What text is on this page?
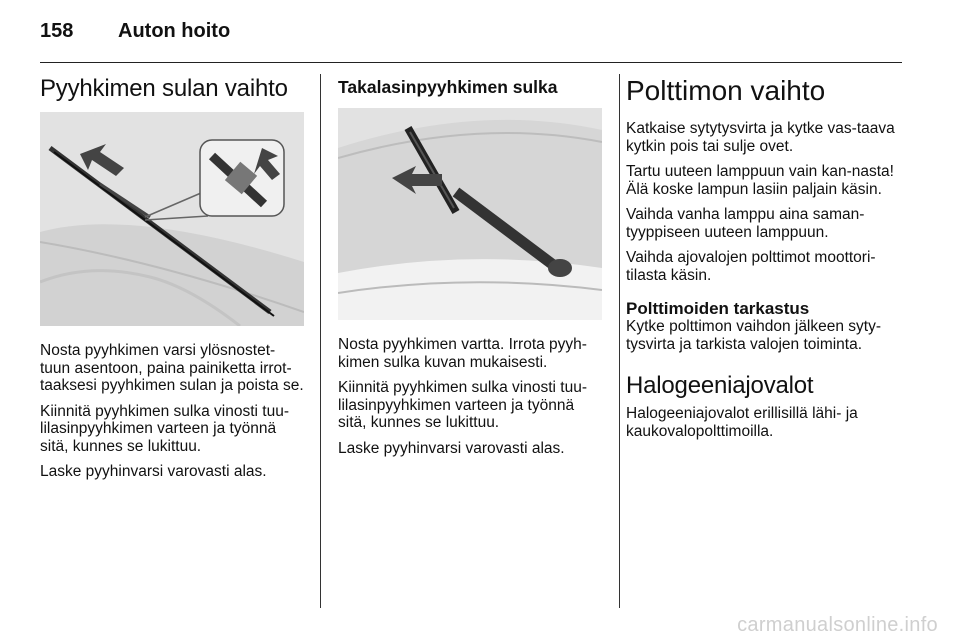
158 Auton hoito
Pyyhkimen sulan vaihto

Nosta pyyhkimen varsi ylösnostet-tuun asentoon, paina painiketta irrot-taaksesi pyyhkimen sulan ja poista se.

Kiinnitä pyyhkimen sulka vinosti tuu-lilasinpyyhkimen varteen ja työnnä sitä, kunnes se lukittuu.

Laske pyyhinvarsi varovasti alas.

Takalasinpyyhkimen sulka

Nosta pyyhkimen vartta. Irrota pyyh-kimen sulka kuvan mukaisesti.

Kiinnitä pyyhkimen sulka vinosti tuu-lilasinpyyhkimen varteen ja työnnä sitä, kunnes se lukittuu.

Laske pyyhinvarsi varovasti alas.

Polttimon vaihto

Katkaise sytytysvirta ja kytke vas-taava kytkin pois tai sulje ovet.

Tartu uuteen lamppuun vain kan-nasta! Älä koske lampun lasiin paljain käsin.

Vaihda vanha lamppu aina saman-tyyppiseen uuteen lamppuun.

Vaihda ajovalojen polttimot moottori-tilasta käsin.

Polttimoiden tarkastus

Kytke polttimon vaihdon jälkeen syty-tysvirta ja tarkista valojen toiminta.

Halogeeniajovalot

Halogeeniajovalot erillisillä lähi- ja kaukovalopolttimoilla.

carmanualsonline.info
